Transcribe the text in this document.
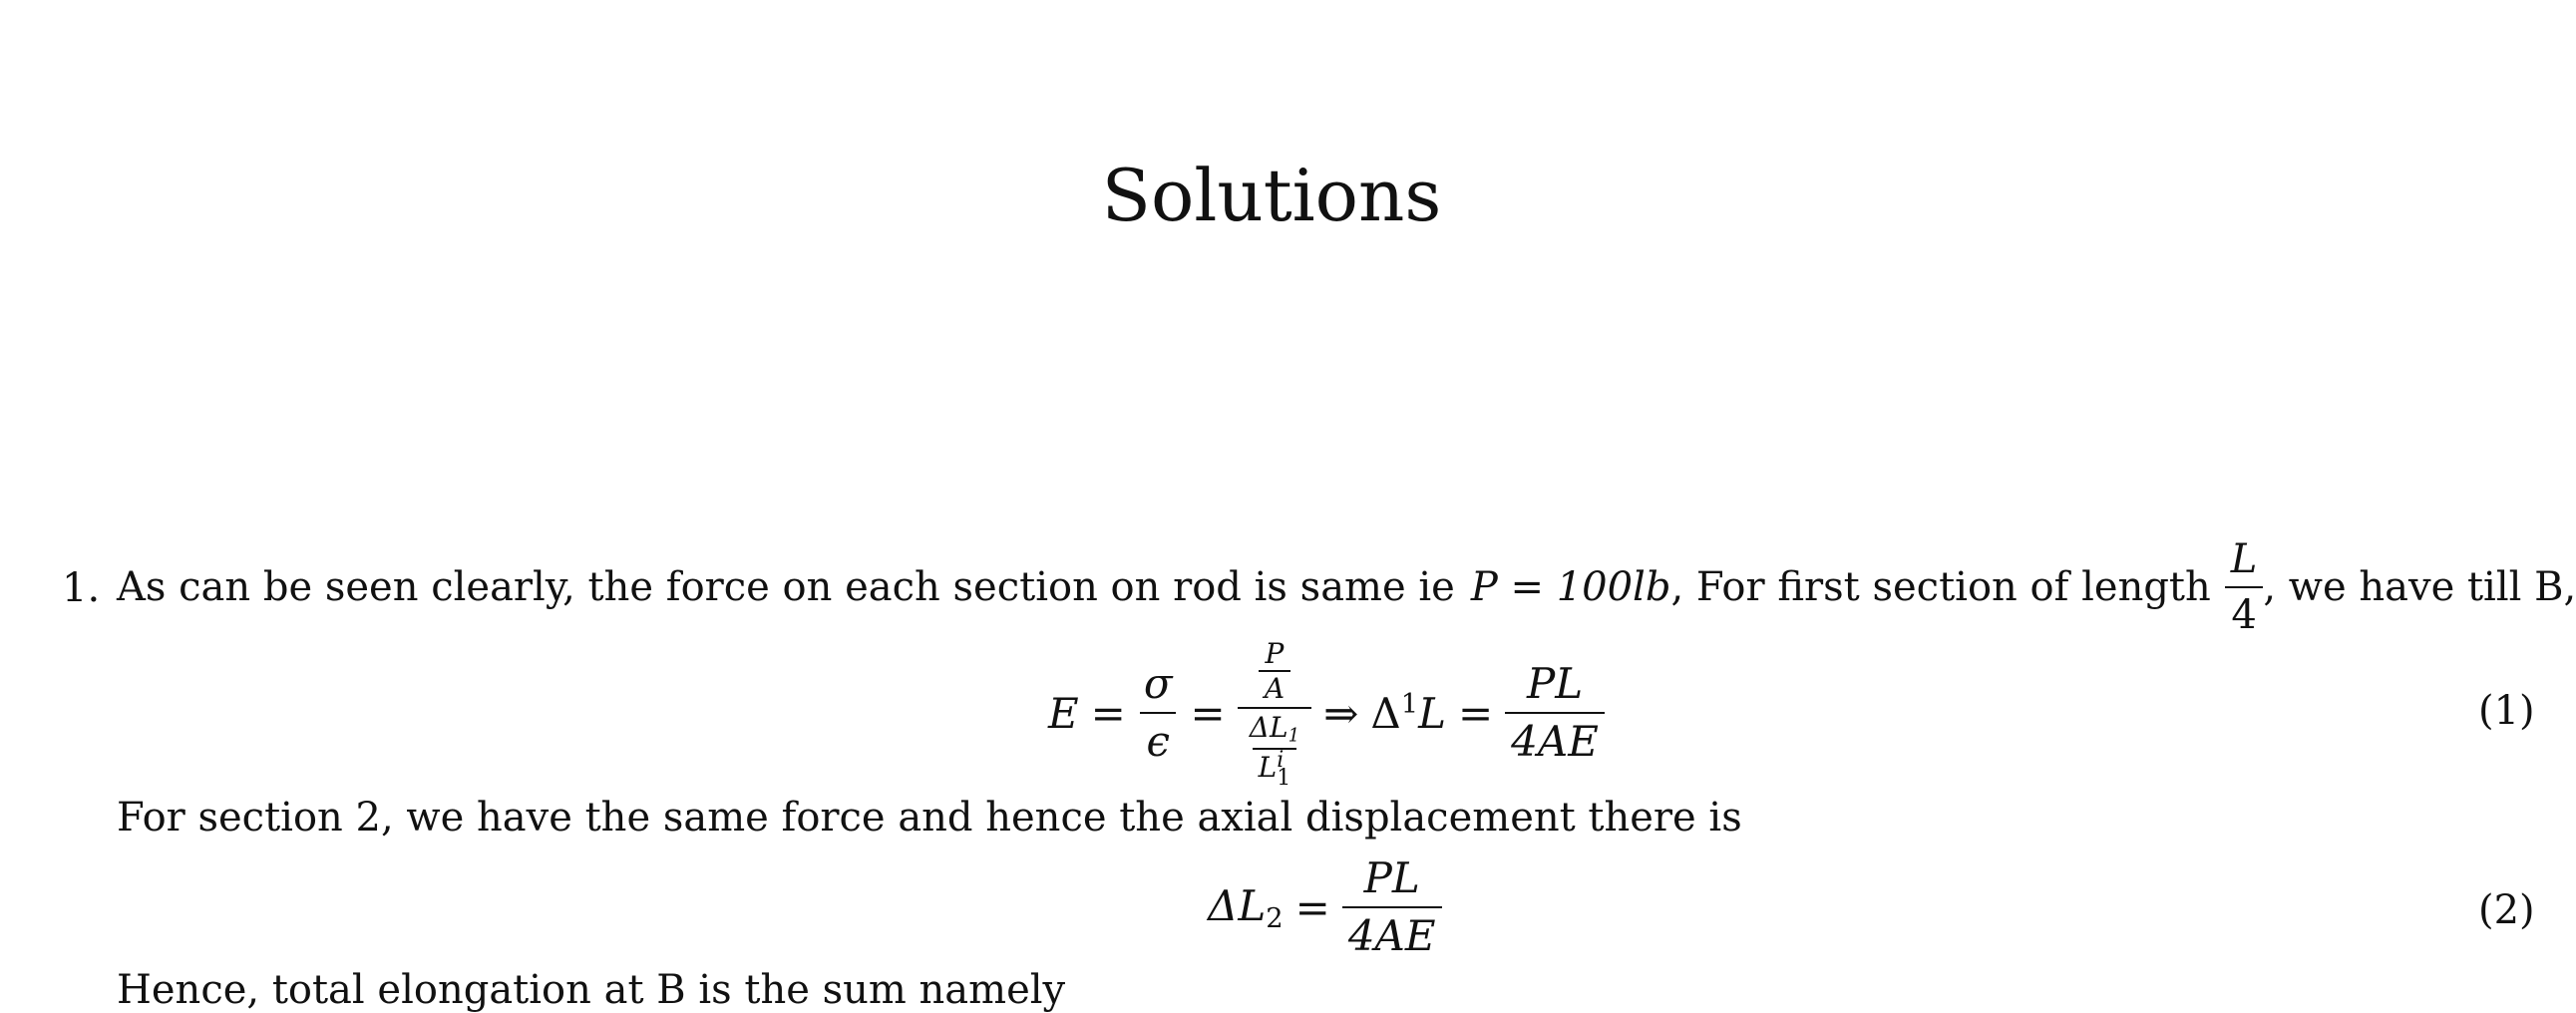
Solutions
1. As can be seen clearly, the force on each section on rod is same ie P = 100lb , For first section of length $\frac{L}{4}$ , we have till B,
$E = \frac{\sigma}{\epsilon} = \frac{P}{A}$
$\Delta L_1$
L i
1 ⇒ $\Delta^1L = \frac{PL}{4AE}$	(1)
For section 2, we have the same force and hence the axial displacement there is
$\Delta L_2 = \frac{PL}{4AE}$	(2)
Hence, total elongation at B is the sum namely
